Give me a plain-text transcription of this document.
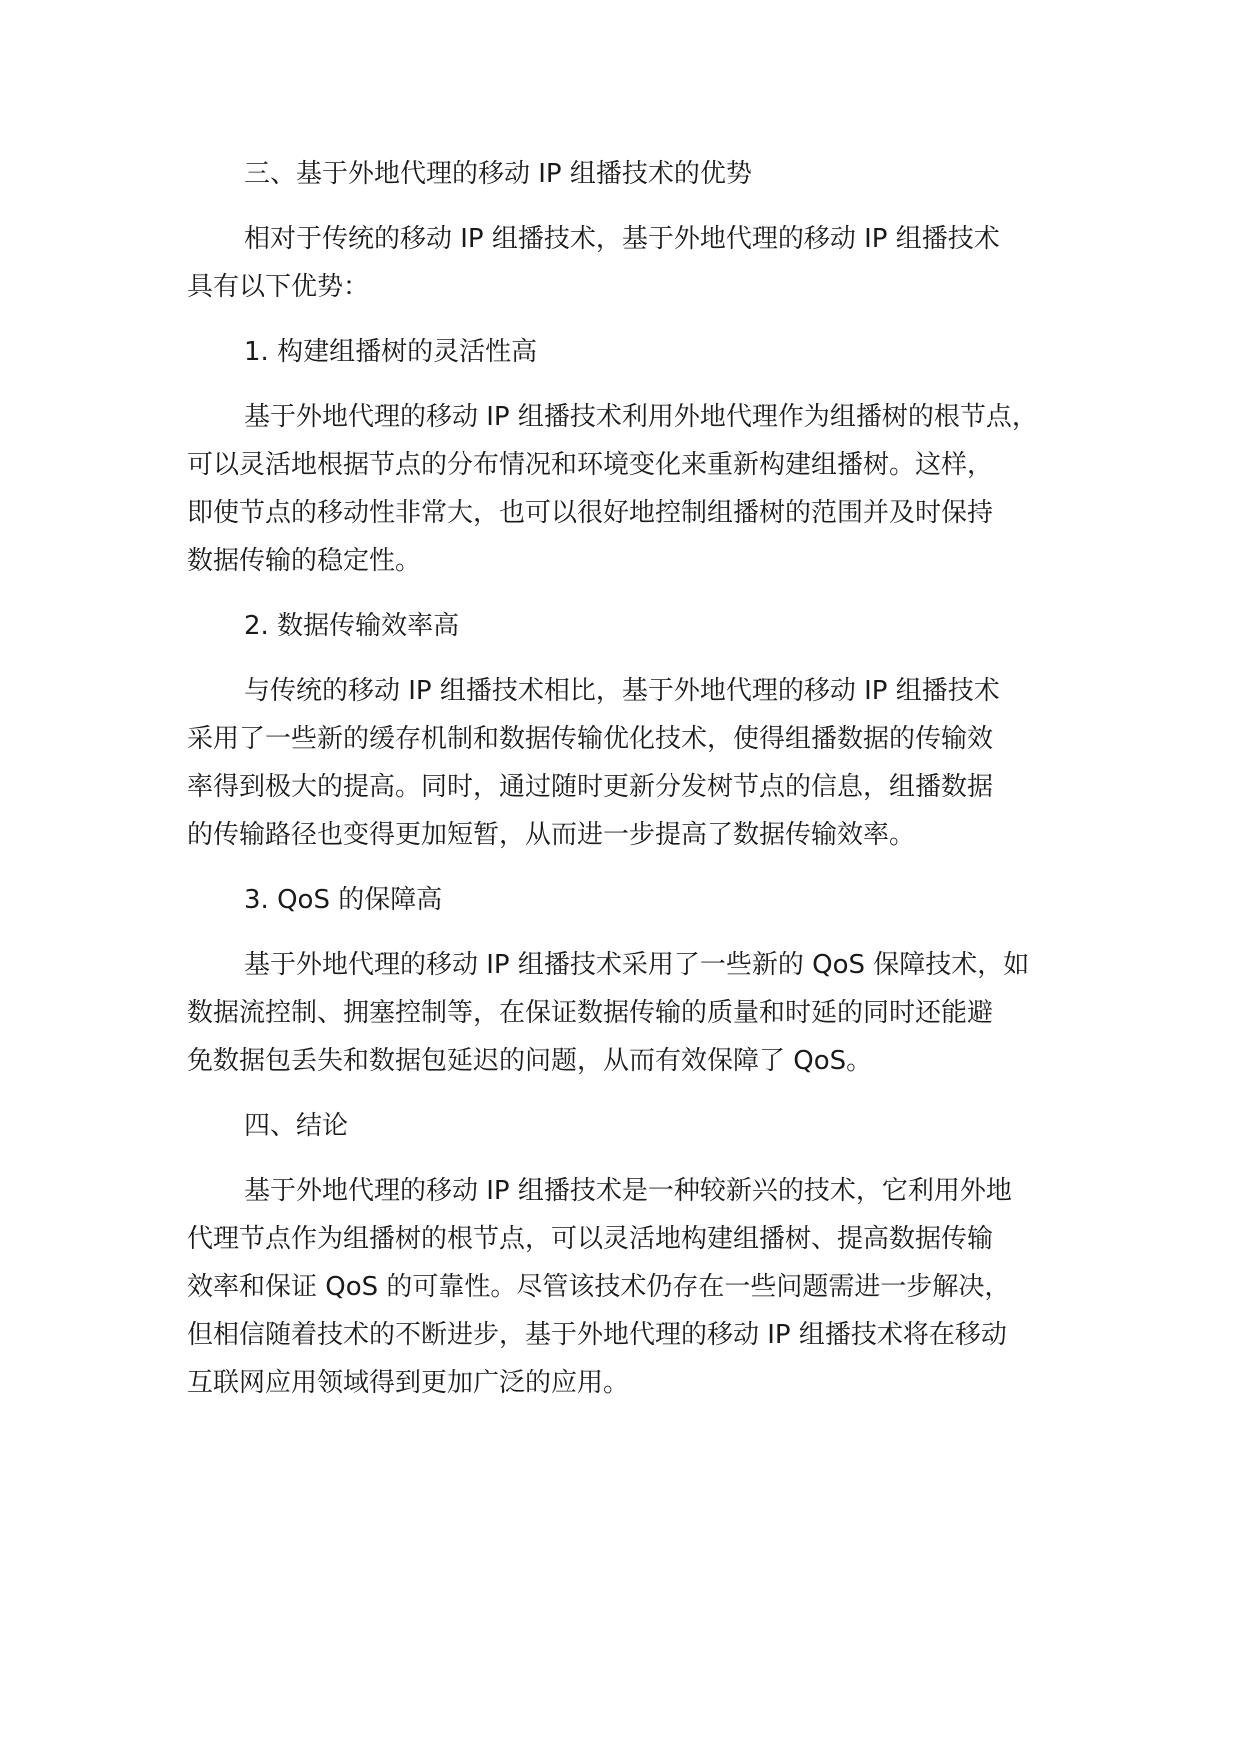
三、基于外地代理的移动 IP 组播技术的优势

相对于传统的移动 IP 组播技术，基于外地代理的移动 IP 组播技术
具有以下优势：

1. 构建组播树的灵活性高

基于外地代理的移动 IP 组播技术利用外地代理作为组播树的根节点，
可以灵活地根据节点的分布情况和环境变化来重新构建组播树。这样，
即使节点的移动性非常大，也可以很好地控制组播树的范围并及时保持
数据传输的稳定性。

2. 数据传输效率高

与传统的移动 IP 组播技术相比，基于外地代理的移动 IP 组播技术
采用了一些新的缓存机制和数据传输优化技术，使得组播数据的传输效
率得到极大的提高。同时，通过随时更新分发树节点的信息，组播数据
的传输路径也变得更加短暂，从而进一步提高了数据传输效率。

3. QoS 的保障高

基于外地代理的移动 IP 组播技术采用了一些新的 QoS 保障技术，如
数据流控制、拥塞控制等，在保证数据传输的质量和时延的同时还能避
免数据包丢失和数据包延迟的问题，从而有效保障了 QoS。

四、结论

基于外地代理的移动 IP 组播技术是一种较新兴的技术，它利用外地
代理节点作为组播树的根节点，可以灵活地构建组播树、提高数据传输
效率和保证 QoS 的可靠性。尽管该技术仍存在一些问题需进一步解决，
但相信随着技术的不断进步，基于外地代理的移动 IP 组播技术将在移动
互联网应用领域得到更加广泛的应用。
